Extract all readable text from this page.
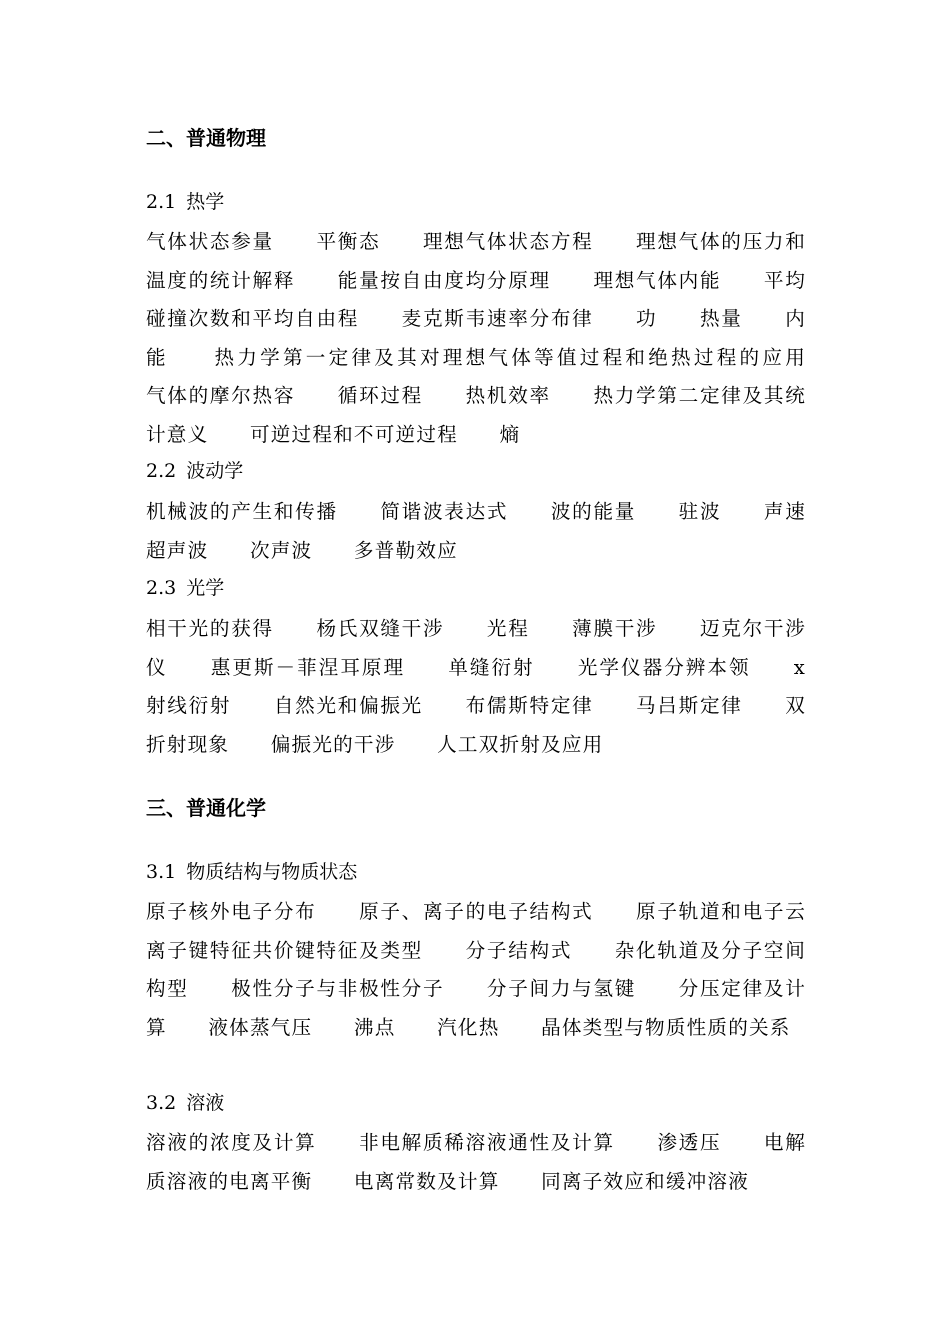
二、普通物理

2.1 热学

气体状态参量　　平衡态　　理想气体状态方程　　理想气体的压力和温度的统计解释　　能量按自由度均分原理　　理想气体内能　　平均碰撞次数和平均自由程　　麦克斯韦速率分布律　　功　　热量　　内能　　热力学第一定律及其对理想气体等值过程和绝热过程的应用　　气体的摩尔热容　　循环过程　　热机效率　　热力学第二定律及其统计意义　　可逆过程和不可逆过程　　熵

2.2 波动学

机械波的产生和传播　　简谐波表达式　　波的能量　　驻波　　声速　　超声波　　次声波　　多普勒效应

2.3 光学

相干光的获得　　杨氏双缝干涉　　光程　　薄膜干涉　　迈克尔干涉仪　　惠更斯－菲涅耳原理　　单缝衍射　　光学仪器分辨本领　　x 射线衍射　　自然光和偏振光　　布儒斯特定律　　马吕斯定律　　双折射现象　　偏振光的干涉　　人工双折射及应用

三、普通化学

3.1 物质结构与物质状态

原子核外电子分布　　原子、离子的电子结构式　　原子轨道和电子云　　离子键特征共价键特征及类型　　分子结构式　　杂化轨道及分子空间构型　　极性分子与非极性分子　　分子间力与氢键　　分压定律及计算　　液体蒸气压　　沸点　　汽化热　　晶体类型与物质性质的关系

3.2 溶液

溶液的浓度及计算　　非电解质稀溶液通性及计算　　渗透压　　电解质溶液的电离平衡　　电离常数及计算　　同离子效应和缓冲溶液
